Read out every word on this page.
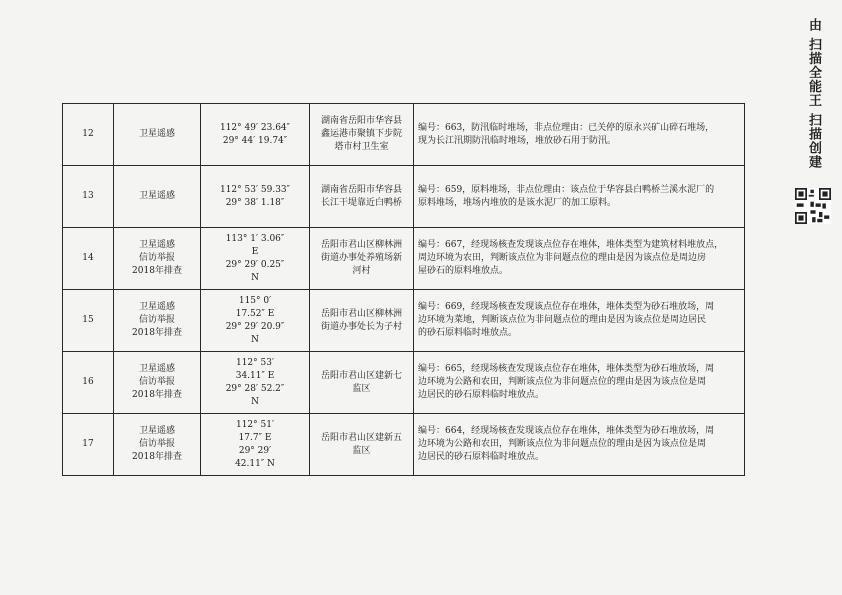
12	卫星遥感	112° 49′ 23.64″
29° 44′ 19.74″	湖南省岳阳市华容县
鑫运港市聚镇下步院
塔市村卫生室	编号：663，防汛临时堆场，非点位理由：已关停的原永兴矿山碎石堆场，
现为长江汛期防汛临时堆场，堆放砂石用于防汛。
13	卫星遥感	112° 53′ 59.33″
29° 38′ 1.18″	湖南省岳阳市华容县
长江干堤靠近白鸭桥	编号：659，原料堆场，非点位理由：该点位于华容县白鸭桥兰溪水泥厂的
原料堆场，堆场内堆放的是该水泥厂的加工原料。
14	卫星遥感
信访举报
2018年排查	113° 1′ 3.06″
E
29° 29′ 0.25″
N	岳阳市君山区柳林洲
街道办事处养殖场新
河村	编号：667，经现场核查发现该点位存在堆体，堆体类型为建筑材料堆放点，
周边环境为农田，判断该点位为非问题点位的理由是因为该点位是周边房
屋砂石的原料堆放点。
15	卫星遥感
信访举报
2018年排查	115° 0′
17.52″ E
29° 29′ 20.9″
N	岳阳市君山区柳林洲
街道办事处长为子村	编号：669，经现场核查发现该点位存在堆体，堆体类型为砂石堆放场，周
边环境为菜地，判断该点位为非问题点位的理由是因为该点位是周边居民
的砂石原料临时堆放点。
16	卫星遥感
信访举报
2018年排查	112° 53′
34.11″ E
29° 28′ 52.2″
N	岳阳市君山区建新七
监区	编号：665，经现场核查发现该点位存在堆体，堆体类型为砂石堆放场，周
边环境为公路和农田，判断该点位为非问题点位的理由是因为该点位是周
边居民的砂石原料临时堆放点。
17	卫星遥感
信访举报
2018年排查	112° 51′
17.7″ E
29° 29′
42.11″ N	岳阳市君山区建新五
监区	编号：664，经现场核查发现该点位存在堆体，堆体类型为砂石堆放场，周
边环境为公路和农田，判断该点位为非问题点位的理由是因为该点位是周
边居民的砂石原料临时堆放点。
由 扫描全能王 扫描创建
